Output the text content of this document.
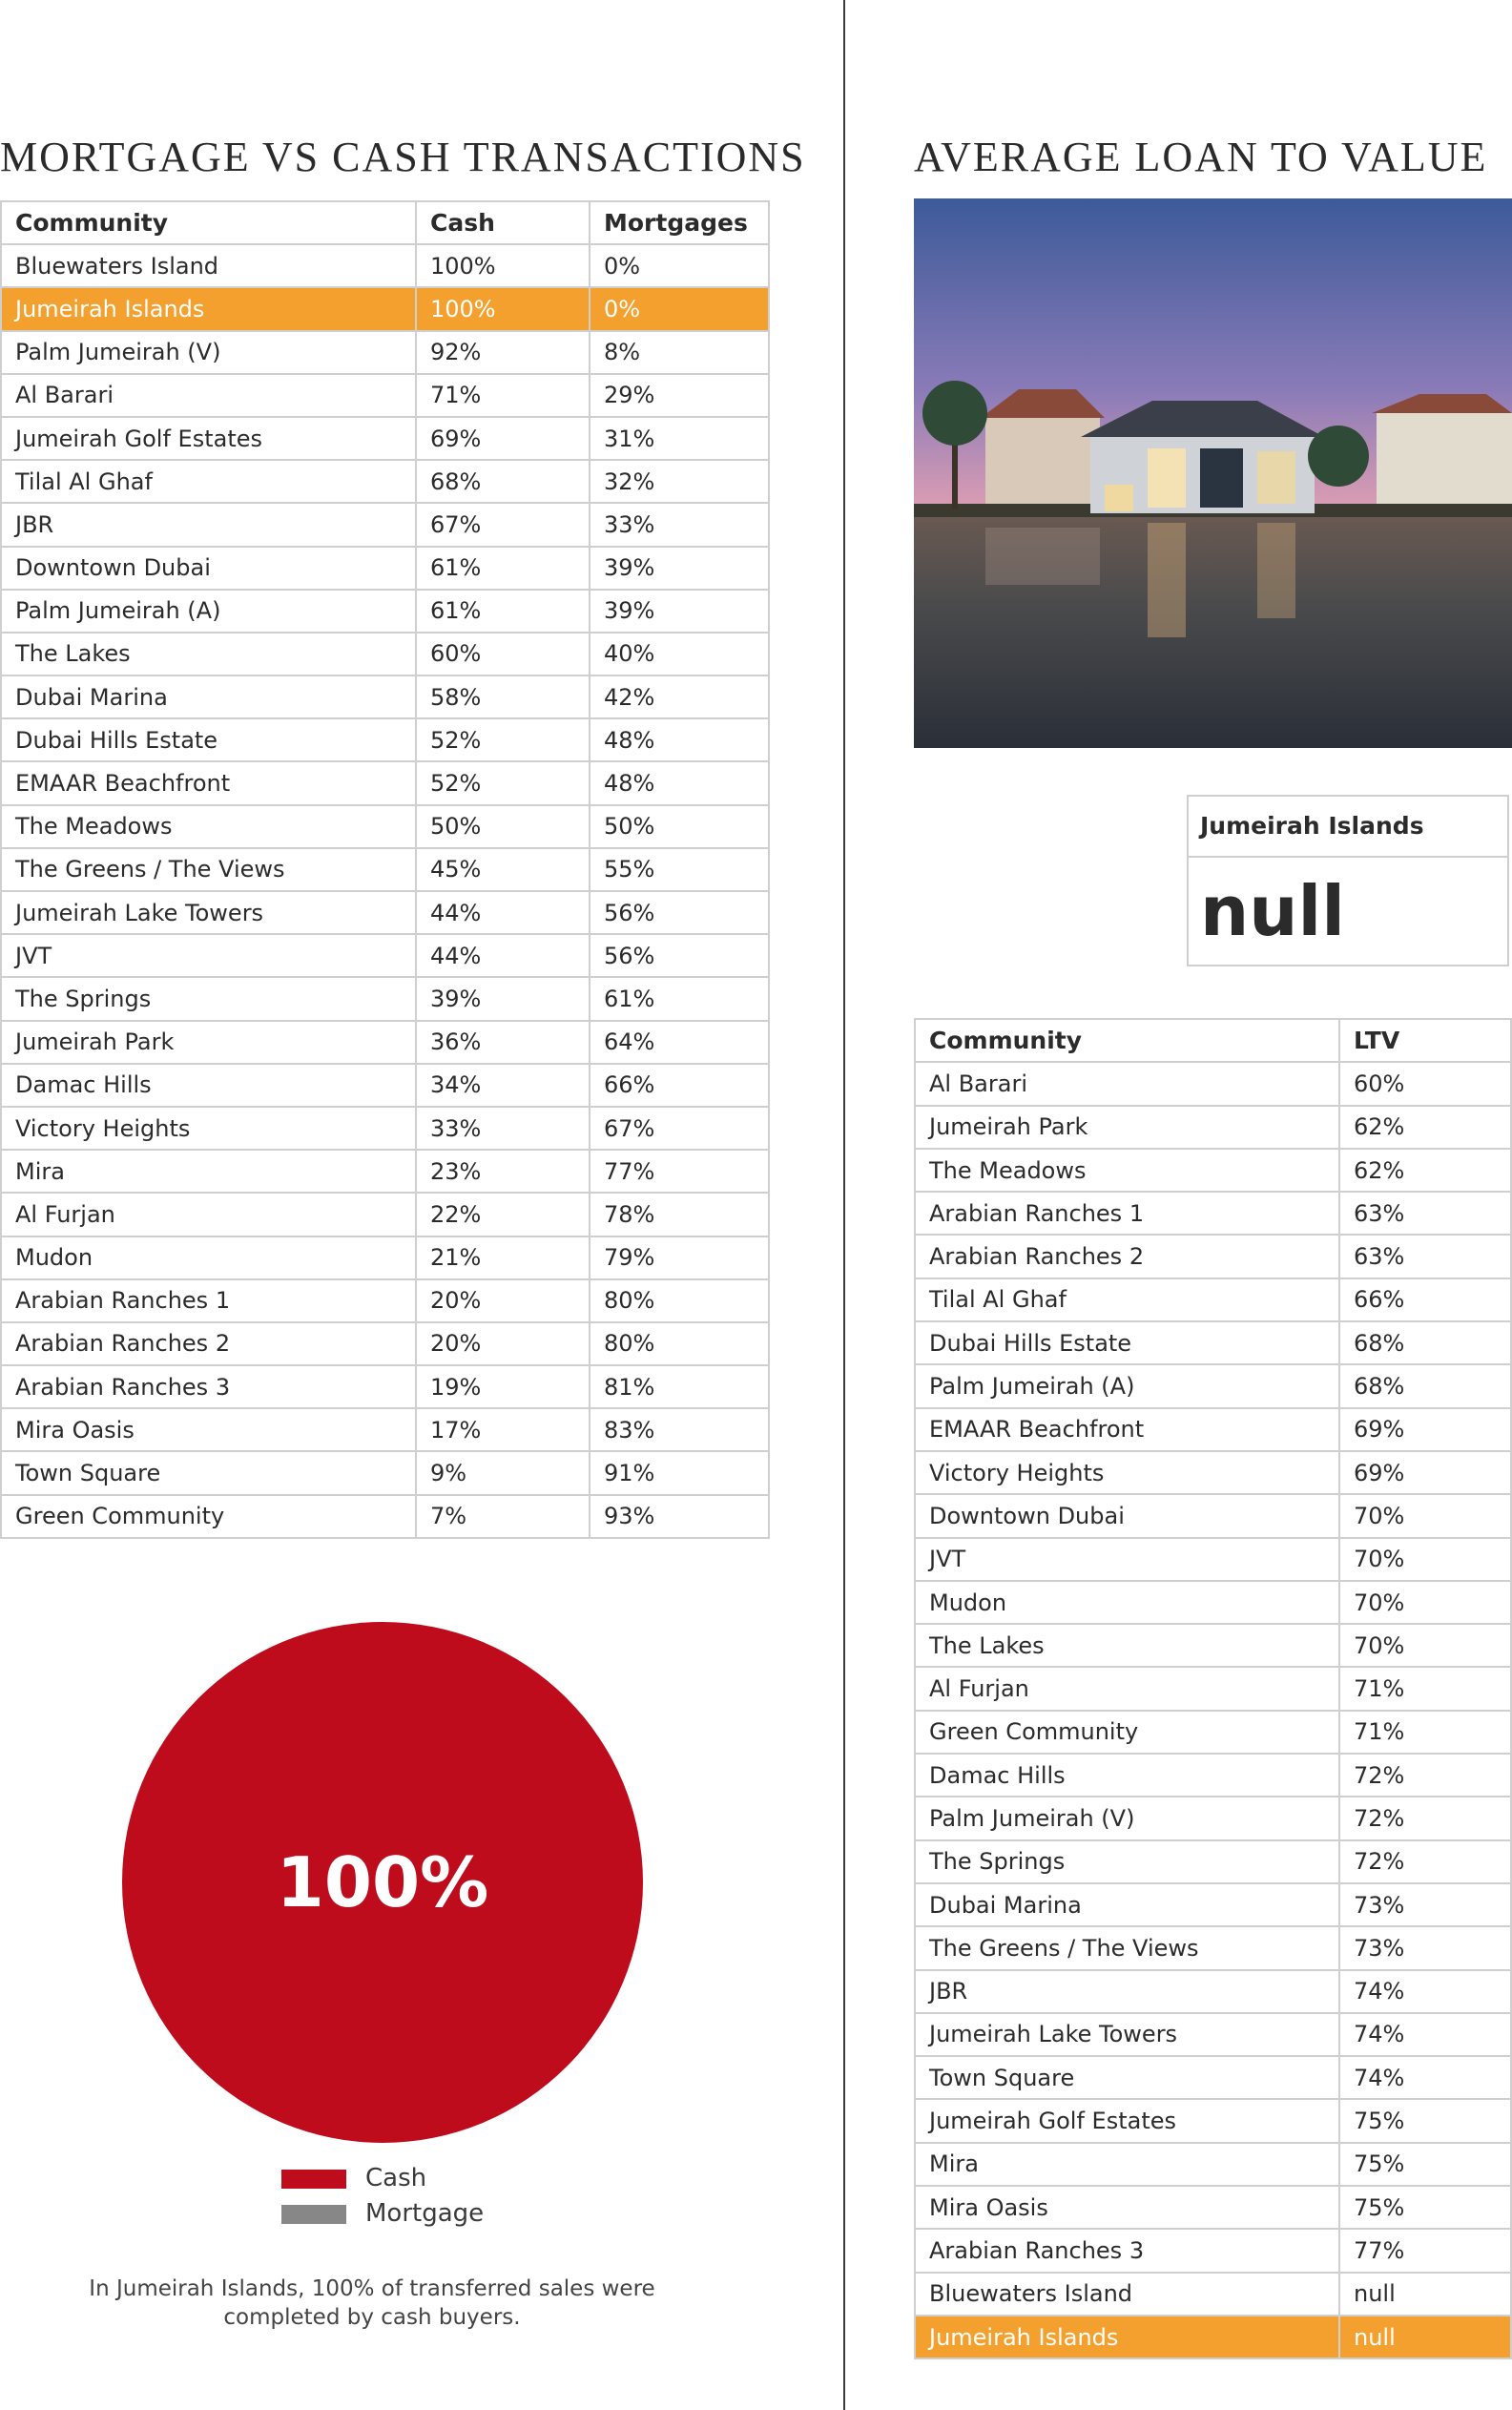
MORTGAGE VS CASH TRANSACTIONS	AVERAGE LOAN TO VALUE
Community	Cash	Mortgages
Bluewaters Island	100%	0%
Jumeirah Islands	100%	0%
Palm Jumeirah (V)	92%	8%
Al Barari	71%	29%
Jumeirah Golf Estates	69%	31%
Tilal Al Ghaf	68%	32%
JBR	67%	33%
Downtown Dubai	61%	39%
Palm Jumeirah (A)	61%	39%
The Lakes	60%	40%
Dubai Marina	58%	42%
Dubai Hills Estate	52%	48%
EMAAR Beachfront	52%	48%
The Meadows	50%	50%
The Greens / The Views	45%	55%
Jumeirah Lake Towers	44%	56%
JVT	44%	56%
The Springs	39%	61%
Jumeirah Park	36%	64%
Damac Hills	34%	66%
Victory Heights	33%	67%
Mira	23%	77%
Al Furjan	22%	78%
Mudon	21%	79%
Arabian Ranches 1	20%	80%
Arabian Ranches 2	20%	80%
Arabian Ranches 3	19%	81%
Mira Oasis	17%	83%
Town Square	9%	91%
Green Community	7%	93%
Jumeirah Islands
null
Community	LTV
Al Barari	60%
Jumeirah Park	62%
The Meadows	62%
Arabian Ranches 1	63%
Arabian Ranches 2	63%
Tilal Al Ghaf	66%
Dubai Hills Estate	68%
Palm Jumeirah (A)	68%
EMAAR Beachfront	69%
Victory Heights	69%
Downtown Dubai	70%
JVT	70%
Mudon	70%
The Lakes	70%
Al Furjan	71%
Green Community	71%
Damac Hills	72%
Palm Jumeirah (V)	72%
The Springs	72%
Dubai Marina	73%
The Greens / The Views	73%
JBR	74%
Jumeirah Lake Towers	74%
Town Square	74%
Jumeirah Golf Estates	75%
Mira	75%
Mira Oasis	75%
Arabian Ranches 3	77%
Bluewaters Island	null
Jumeirah Islands	null
100%
Cash
Mortgage
In Jumeirah Islands, 100% of transferred sales were
completed by cash buyers.
